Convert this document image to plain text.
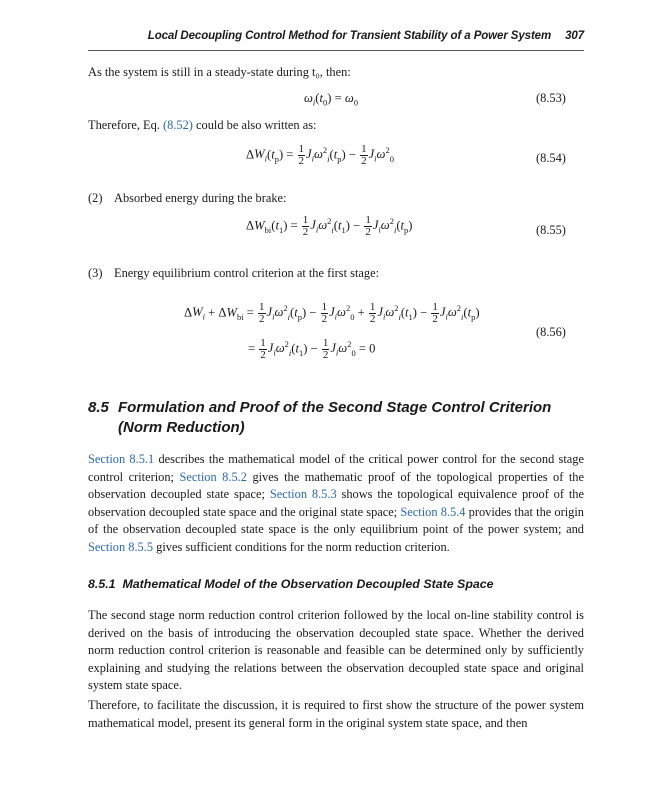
Local Decoupling Control Method for Transient Stability of a Power System 307

As the system is still in a steady-state during t₀, then:

$\omega_i(t_0) = \omega_0$	(8.53)

Therefore, Eq. (8.52) could be also written as:

$\Delta W_i(t_p) = \frac{1}{2} J_i\omega^2_i(t_p) - \frac{1}{2} J_i\omega^2_0$	(8.54)
(2) Absorbed energy during the brake:
$\Delta W_{bi}(t_1) = \frac{1}{2} J_i\omega^2_i(t_1) - \frac{1}{2} J_i\omega^2_i(t_p)$	(8.55)
(3) Energy equilibrium control criterion at the first stage:
$\Delta W_i + \Delta W_{bi} = \frac{1}{2} J_i\omega^2_i(t_p) - \frac{1}{2} J_i\omega^2_0 + \frac{1}{2} J_i\omega^2_i(t_1) - \frac{1}{2} J_i\omega^2_i(t_p)$
= $\frac{1}{2} J_i\omega^2_i(t_1) - \frac{1}{2} J_i\omega^2_0 = 0$
(8.56)
8.5 Formulation and Proof of the Second Stage Control Criterion
(Norm Reduction)

Section 8.5.1 describes the mathematical model of the critical power control for the second stage control criterion; Section 8.5.2 gives the mathematic proof of the topological properties of the observation decoupled state space; Section 8.5.3 shows the topological equivalence proof of the observation decoupled state space and the original state space; Section 8.5.4 provides that the origin of the observation decoupled state space is the only equilibrium point of the power system; and Section 8.5.5 gives sufficient conditions for the norm reduction criterion.

8.5.1 Mathematical Model of the Observation Decoupled State Space

The second stage norm reduction control criterion followed by the local on-line stability control is derived on the basis of introducing the observation decoupled state space. Whether the derived norm reduction control criterion is reasonable and feasible can be determined only by sufficiently explaining and studying the relations between the observation decoupled state space and original system state space.

Therefore, to facilitate the discussion, it is required to first show the structure of the power system mathematical model, present its general form in the original system state space, and then
